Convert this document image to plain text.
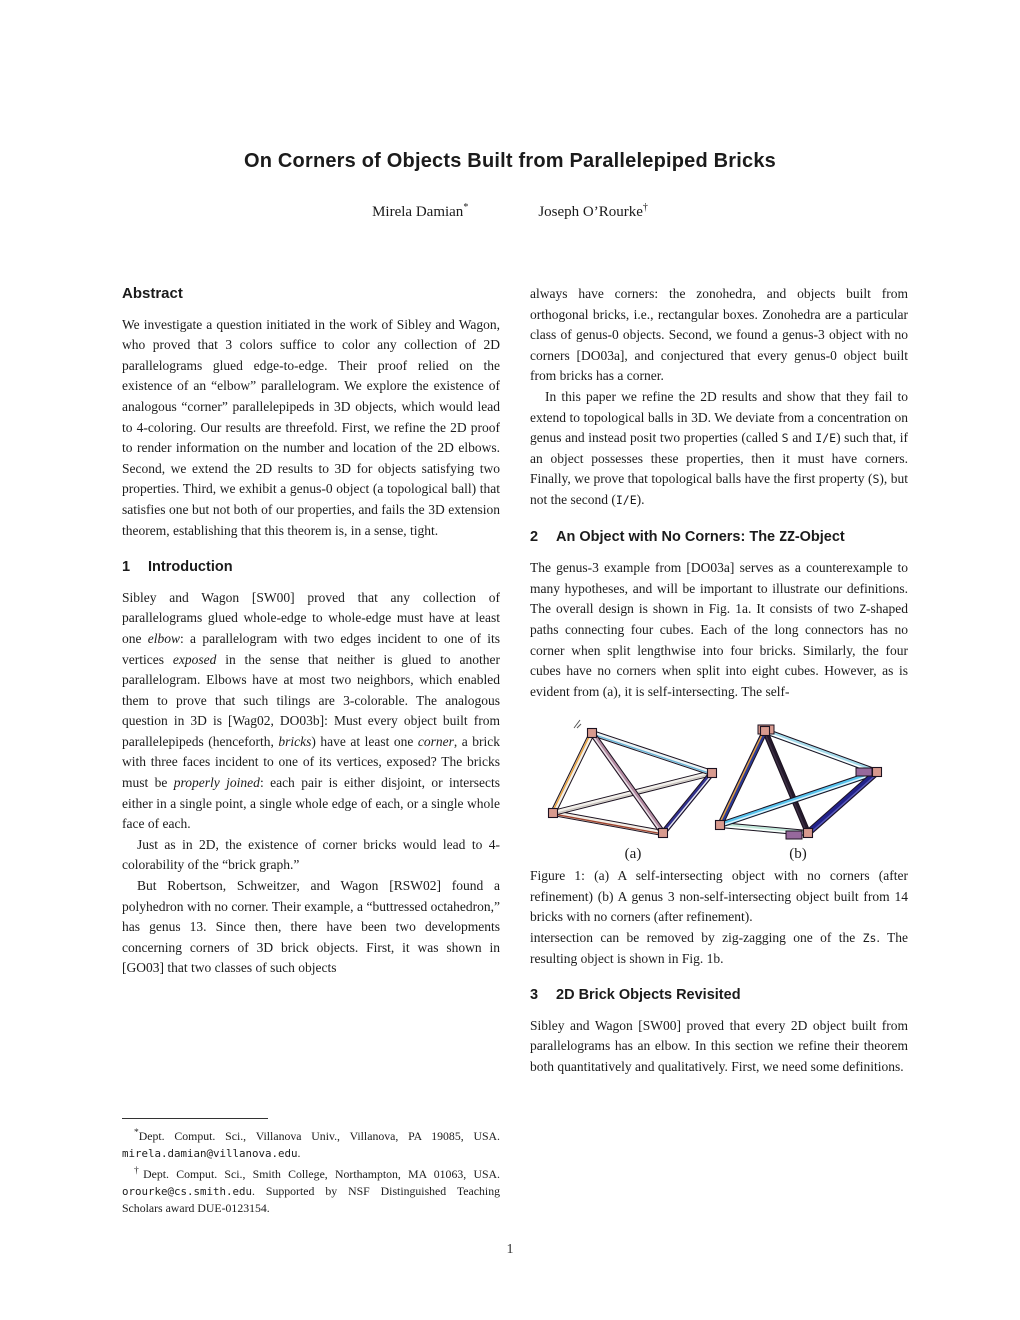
On Corners of Objects Built from Parallelepiped Bricks
Mirela Damian*	Joseph O’Rourke†
Abstract

We investigate a question initiated in the work of Sibley and Wagon, who proved that 3 colors suffice to color any collection of 2D parallelograms glued edge-to-edge. Their proof relied on the existence of an “elbow” parallelogram. We explore the existence of analogous “corner” parallelepipeds in 3D objects, which would lead to 4-coloring. Our results are threefold. First, we refine the 2D proof to render information on the number and location of the 2D elbows. Second, we extend the 2D results to 3D for objects satisfying two properties. Third, we exhibit a genus-0 object (a topological ball) that satisfies one but not both of our properties, and fails the 3D extension theorem, establishing that this theorem is, in a sense, tight.

1	Introduction

Sibley and Wagon [SW00] proved that any collection of parallelograms glued whole-edge to whole-edge must have at least one elbow: a parallelogram with two edges incident to one of its vertices exposed in the sense that neither is glued to another parallelogram. Elbows have at most two neighbors, which enabled them to prove that such tilings are 3-colorable. The analogous question in 3D is [Wag02, DO03b]: Must every object built from parallelepipeds (henceforth, bricks) have at least one corner, a brick with three faces incident to one of its vertices, exposed? The bricks must be properly joined: each pair is either disjoint, or intersects either in a single point, a single whole edge of each, or a single whole face of each.

Just as in 2D, the existence of corner bricks would lead to 4-colorability of the “brick graph.”

But Robertson, Schweitzer, and Wagon [RSW02] found a polyhedron with no corner. Their example, a “buttressed octahedron,” has genus 13. Since then, there have been two developments concerning corners of 3D brick objects. First, it was shown in [GO03] that two classes of such objects

*Dept. Comput. Sci., Villanova Univ., Villanova, PA 19085, USA. mirela.damian@villanova.edu.

†Dept. Comput. Sci., Smith College, Northampton, MA 01063, USA. orourke@cs.smith.edu. Supported by NSF Distinguished Teaching Scholars award DUE-0123154.

always have corners: the zonohedra, and objects built from orthogonal bricks, i.e., rectangular boxes. Zonohedra are a particular class of genus-0 objects. Second, we found a genus-3 object with no corners [DO03a], and conjectured that every genus-0 object built from bricks has a corner.

In this paper we refine the 2D results and show that they fail to extend to topological balls in 3D. We deviate from a concentration on genus and instead posit two properties (called S and I/E) such that, if an object possesses these properties, then it must have corners. Finally, we prove that topological balls have the first property (S), but not the second (I/E).

2	An Object with No Corners: The ZZ-Object

The genus-3 example from [DO03a] serves as a counterexample to many hypotheses, and will be important to illustrate our definitions. The overall design is shown in Fig. 1a. It consists of two Z-shaped paths connecting four cubes. Each of the long connectors has no corner when split lengthwise into four bricks. Similarly, the four cubes have no corners when split into eight cubes. However, as is evident from (a), it is self-intersecting. The self-

(a)	(b)

Figure 1: (a) A self-intersecting object with no corners (after refinement) (b) A genus 3 non-self-intersecting object built from 14 bricks with no corners (after refinement).

intersection can be removed by zig-zagging one of the Zs. The resulting object is shown in Fig. 1b.

3	2D Brick Objects Revisited

Sibley and Wagon [SW00] proved that every 2D object built from parallelograms has an elbow. In this section we refine their theorem both quantitatively and qualitatively. First, we need some definitions.

1
